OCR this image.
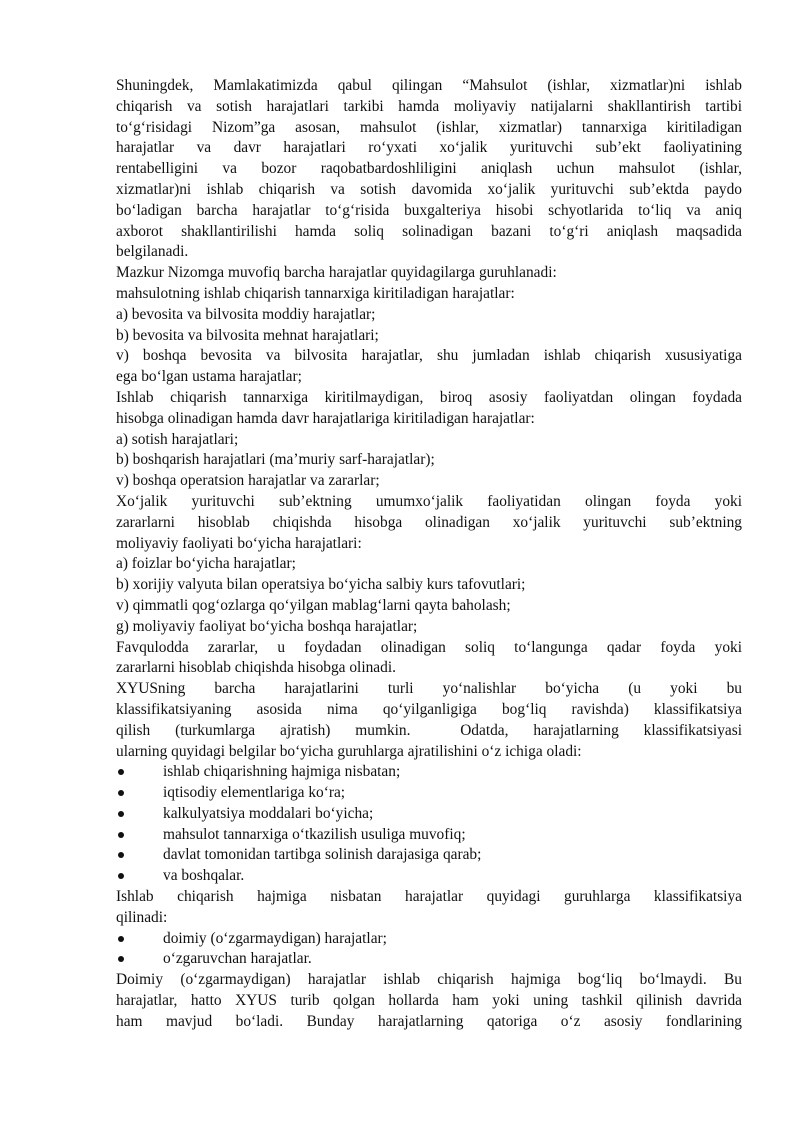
Shuningdek, Mamlakatimizda qabul qilingan “Mahsulot (ishlar, xizmatlar)ni ishlab

chiqarish va sotish harajatlari tarkibi hamda moliyaviy natijalarni shakllantirish tartibi

to‘g‘risidagi Nizom”ga asosan, mahsulot (ishlar, xizmatlar) tannarxiga kiritiladigan

harajatlar va davr harajatlari ro‘yxati xo‘jalik yurituvchi sub’ekt faoliyatining

rentabelligini va bozor raqobatbardoshliligini aniqlash uchun mahsulot (ishlar,

xizmatlar)ni ishlab chiqarish va sotish davomida xo‘jalik yurituvchi sub’ektda paydo

bo‘ladigan barcha harajatlar to‘g‘risida buxgalteriya hisobi schyotlarida to‘liq va aniq

axborot shakllantirilishi hamda soliq solinadigan bazani to‘g‘ri aniqlash maqsadida

belgilanadi.

Mazkur Nizomga muvofiq barcha harajatlar quyidagilarga guruhlanadi:

mahsulotning ishlab chiqarish tannarxiga kiritiladigan harajatlar:

a) bevosita va bilvosita moddiy harajatlar;

b) bevosita va bilvosita mehnat harajatlari;

v) boshqa bevosita va bilvosita harajatlar, shu jumladan ishlab chiqarish xususiyatiga

ega bo‘lgan ustama harajatlar;

Ishlab chiqarish tannarxiga kiritilmaydigan, biroq asosiy faoliyatdan olingan foydada

hisobga olinadigan hamda davr harajatlariga kiritiladigan harajatlar:

a) sotish harajatlari;

b) boshqarish harajatlari (ma’muriy sarf-harajatlar);

v) boshqa operatsion harajatlar va zararlar;

Xo‘jalik yurituvchi sub’ektning umumxo‘jalik faoliyatidan olingan foyda yoki

zararlarni hisoblab chiqishda hisobga olinadigan xo‘jalik yurituvchi sub’ektning

moliyaviy faoliyati bo‘yicha harajatlari:

a) foizlar bo‘yicha harajatlar;

b) xorijiy valyuta bilan operatsiya bo‘yicha salbiy kurs tafovutlari;

v) qimmatli qog‘ozlarga qo‘yilgan mablag‘larni qayta baholash;

g) moliyaviy faoliyat bo‘yicha boshqa harajatlar;

Favqulodda zararlar, u foydadan olinadigan soliq to‘langunga qadar foyda yoki

zararlarni hisoblab chiqishda hisobga olinadi.

XYUSning barcha harajatlarini turli yo‘nalishlar bo‘yicha (u yoki bu

klassifikatsiyaning asosida nima qo‘yilganligiga bog‘liq ravishda) klassifikatsiya

qilish (turkumlarga ajratish) mumkin.  Odatda, harajatlarning klassifikatsiyasi

ularning quyidagi belgilar bo‘yicha guruhlarga ajratilishini o‘z ichiga oladi:

ishlab chiqarishning hajmiga nisbatan;
iqtisodiy elementlariga ko‘ra;
kalkulyatsiya moddalari bo‘yicha;
mahsulot tannarxiga o‘tkazilish usuliga muvofiq;
davlat tomonidan tartibga solinish darajasiga qarab;
va boshqalar.

Ishlab chiqarish hajmiga nisbatan harajatlar quyidagi guruhlarga klassifikatsiya

qilinadi:

doimiy (o‘zgarmaydigan) harajatlar;
o‘zgaruvchan harajatlar.

Doimiy (o‘zgarmaydigan) harajatlar ishlab chiqarish hajmiga bog‘liq bo‘lmaydi. Bu

harajatlar, hatto XYUS turib qolgan hollarda ham yoki uning tashkil qilinish davrida

ham mavjud bo‘ladi. Bunday harajatlarning qatoriga o‘z asosiy fondlarining
